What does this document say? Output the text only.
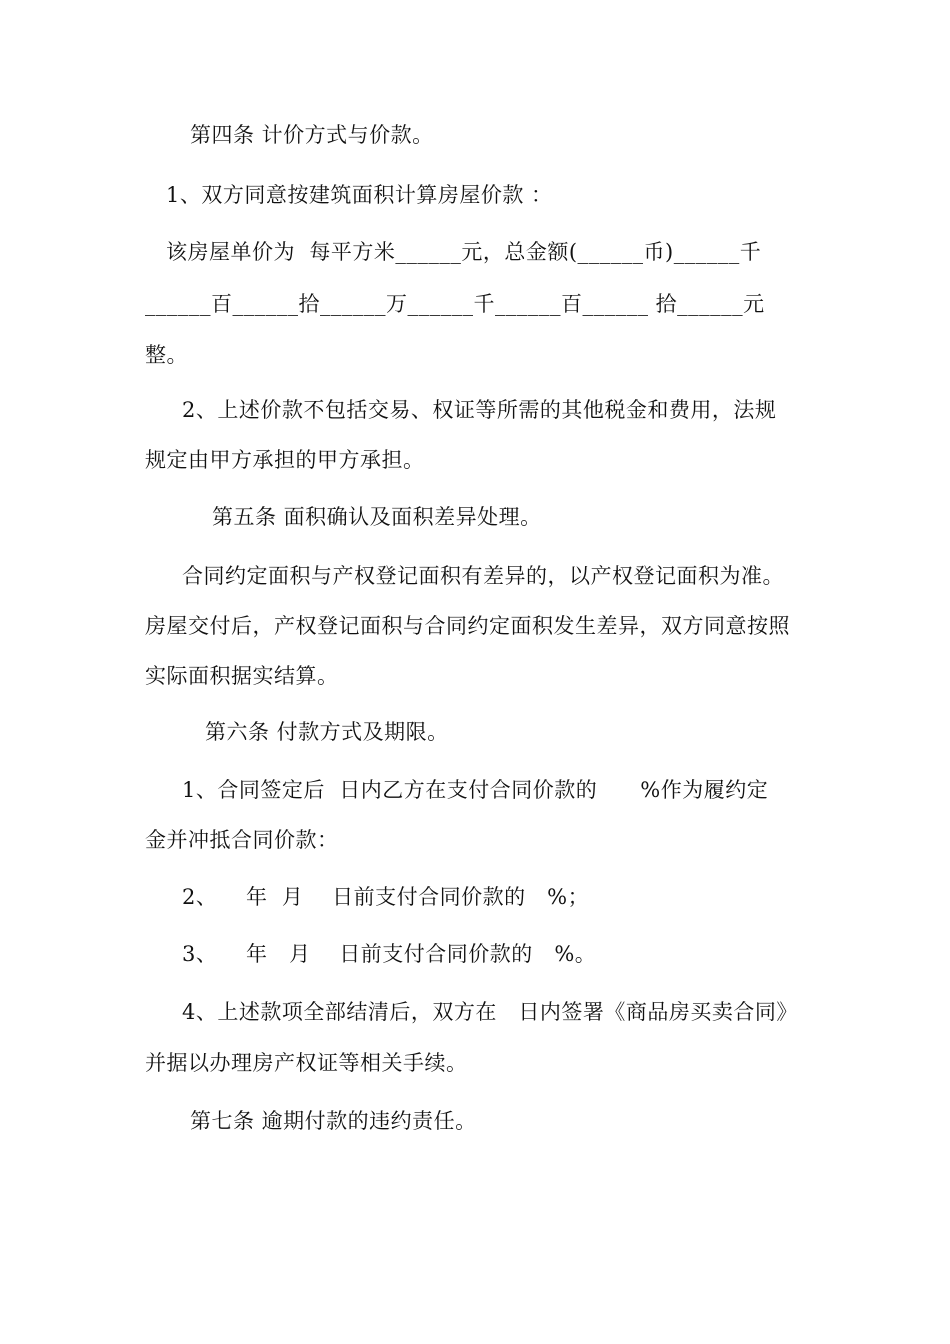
第四条 计价方式与价款。
1、双方同意按建筑面积计算房屋价款 ：
该房屋单价为  每平方米______元，总金额(______币)______千
______百______拾______万______千______百______ 拾______元
整。
2、上述价款不包括交易、权证等所需的其他税金和费用，法规
规定由甲方承担的甲方承担。
第五条 面积确认及面积差异处理。
合同约定面积与产权登记面积有差异的，以产权登记面积为准。
房屋交付后，产权登记面积与合同约定面积发生差异，双方同意按照
实际面积据实结算。
第六条 付款方式及期限。
1、合同签定后  日内乙方在支付合同价款的      %作为履约定
金并冲抵合同价款：
2、    年  月    日前支付合同价款的   %；
3、    年   月    日前支付合同价款的   %。
4、上述款项全部结清后，双方在   日内签署《商品房买卖合同》
并据以办理房产权证等相关手续。
第七条 逾期付款的违约责任。
